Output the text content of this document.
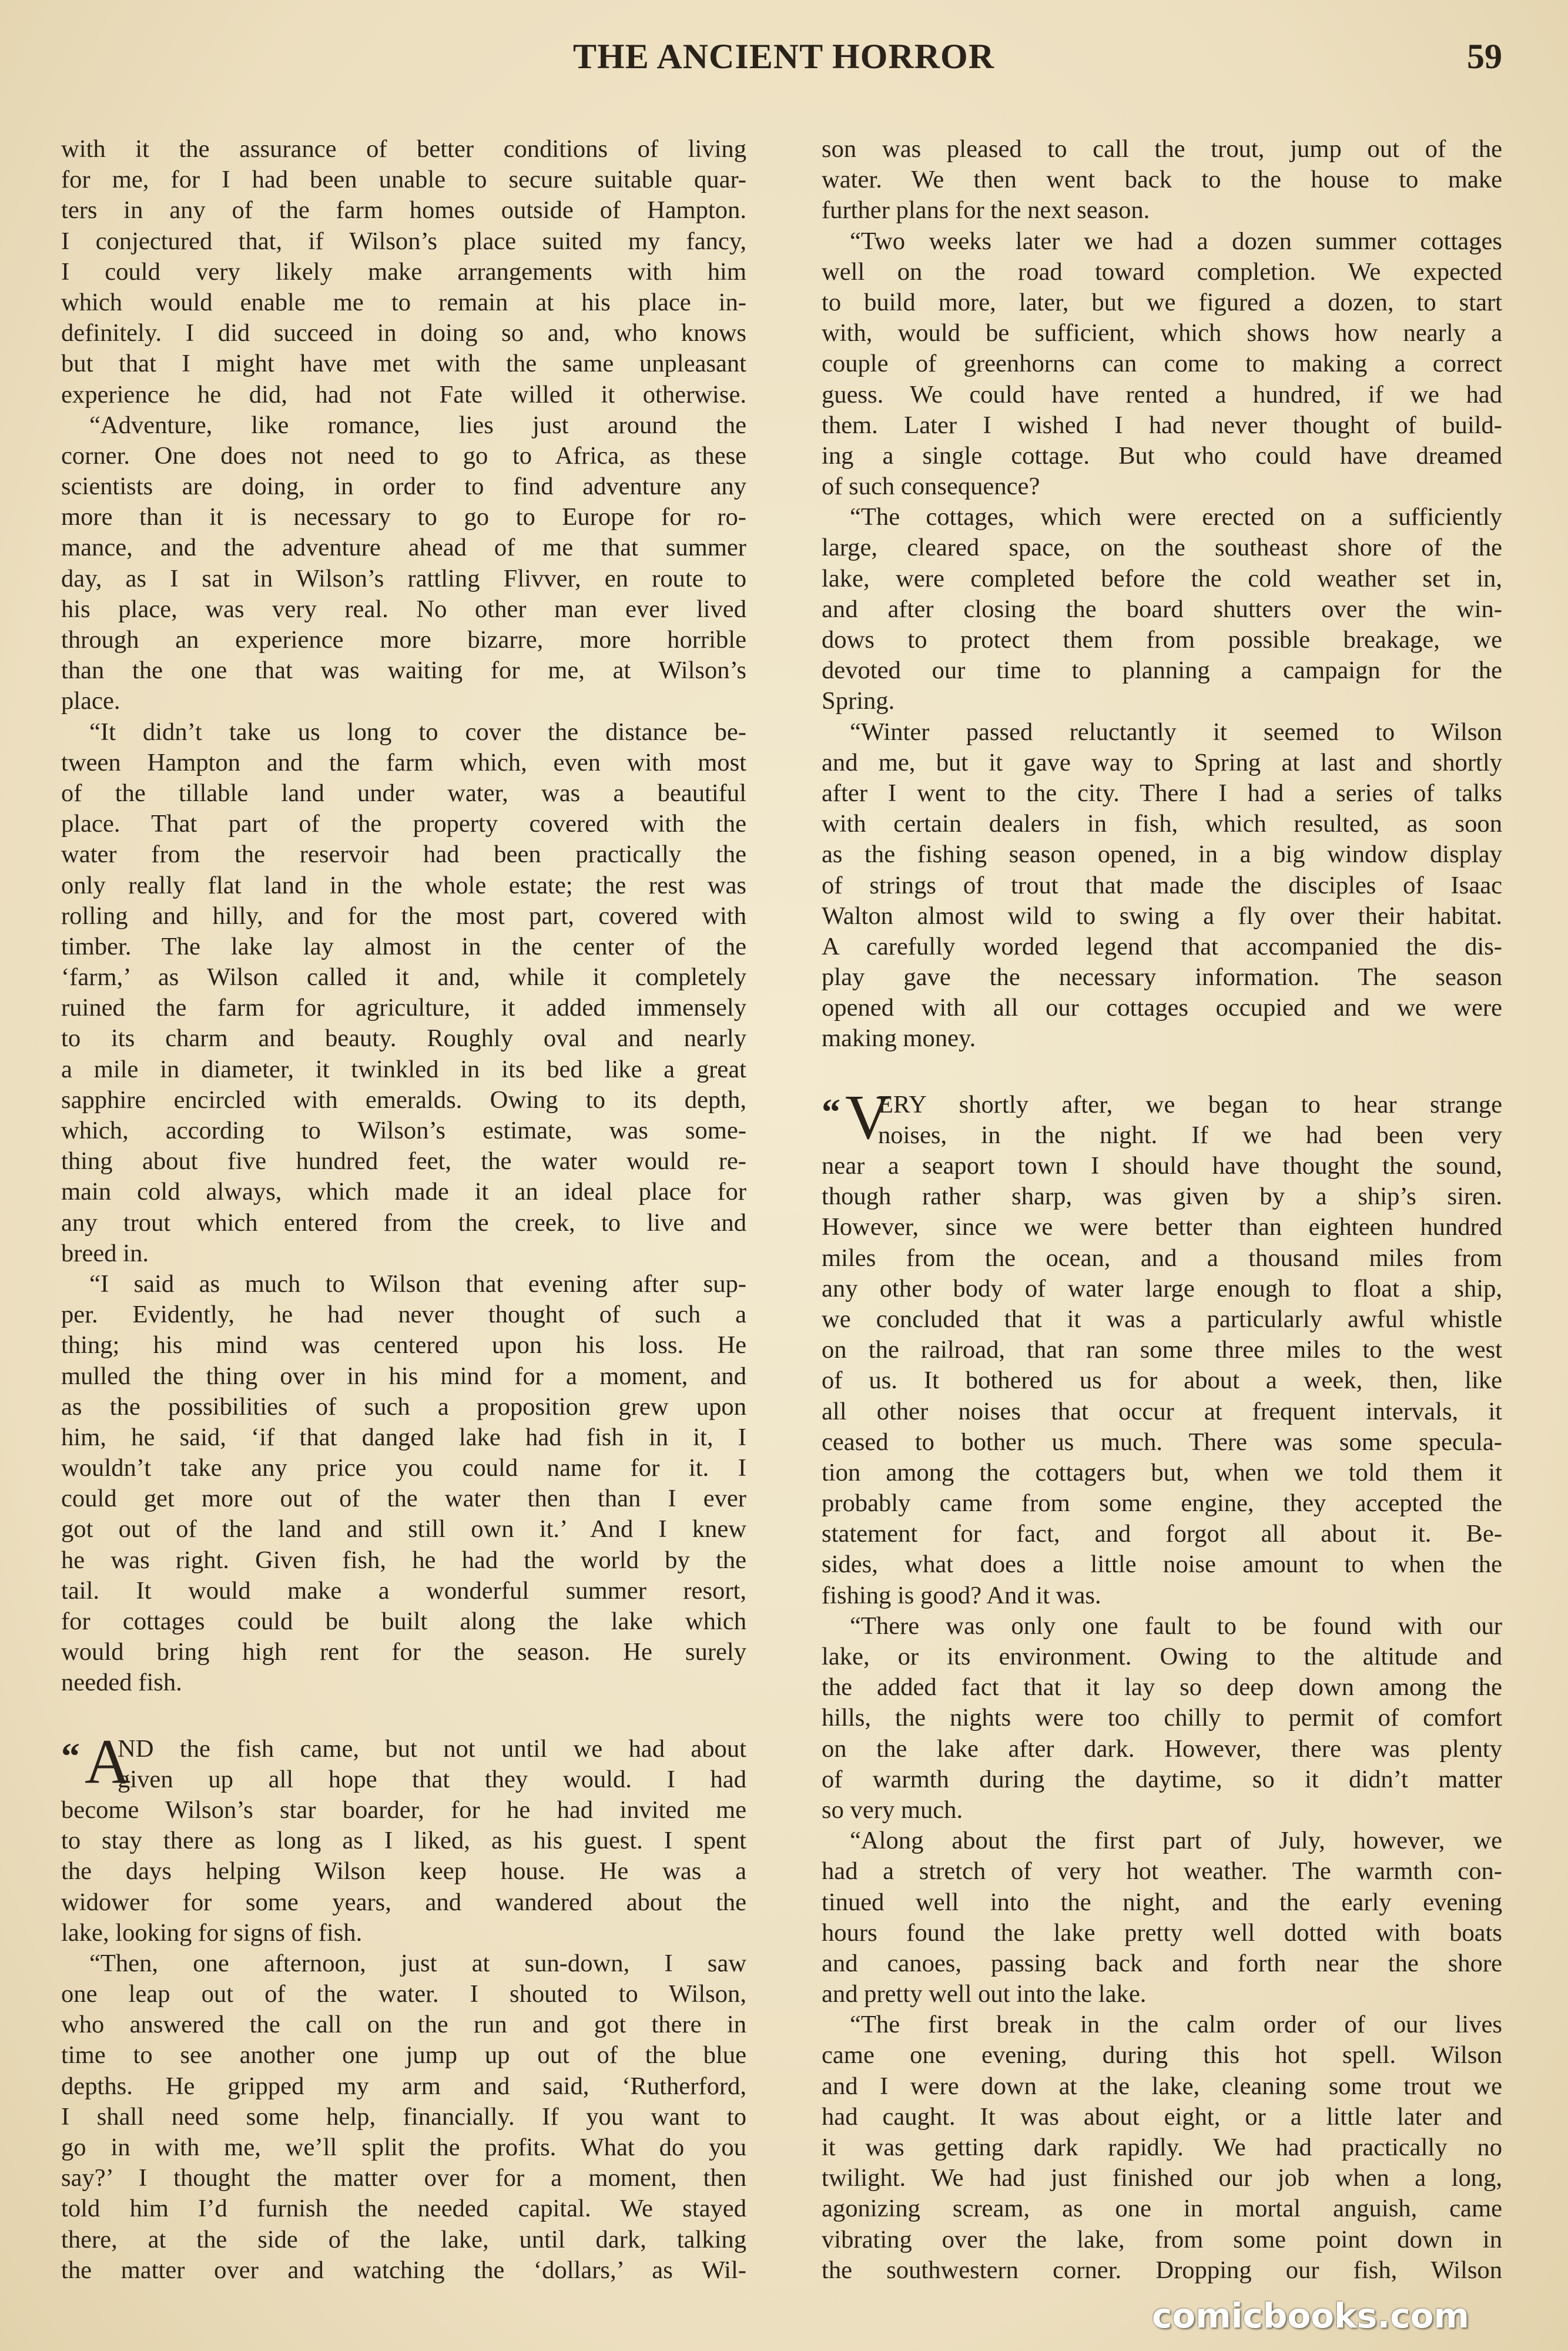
THE ANCIENT HORROR	59
with it the assurance of better conditions of living
for me, for I had been unable to secure suitable quar-
ters in any of the farm homes outside of Hampton.
I conjectured that, if Wilson’s place suited my fancy,
I could very likely make arrangements with him
which would enable me to remain at his place in-
definitely. I did succeed in doing so and, who knows
but that I might have met with the same unpleasant
experience he did, had not Fate willed it otherwise.
“Adventure, like romance, lies just around the
corner. One does not need to go to Africa, as these
scientists are doing, in order to find adventure any
more than it is necessary to go to Europe for ro-
mance, and the adventure ahead of me that summer
day, as I sat in Wilson’s rattling Flivver, en route to
his place, was very real. No other man ever lived
through an experience more bizarre, more horrible
than the one that was waiting for me, at Wilson’s
place.
“It didn’t take us long to cover the distance be-
tween Hampton and the farm which, even with most
of the tillable land under water, was a beautiful
place. That part of the property covered with the
water from the reservoir had been practically the
only really flat land in the whole estate; the rest was
rolling and hilly, and for the most part, covered with
timber. The lake lay almost in the center of the
‘farm,’ as Wilson called it and, while it completely
ruined the farm for agriculture, it added immensely
to its charm and beauty. Roughly oval and nearly
a mile in diameter, it twinkled in its bed like a great
sapphire encircled with emeralds. Owing to its depth,
which, according to Wilson’s estimate, was some-
thing about five hundred feet, the water would re-
main cold always, which made it an ideal place for
any trout which entered from the creek, to live and
breed in.
“I said as much to Wilson that evening after sup-
per. Evidently, he had never thought of such a
thing; his mind was centered upon his loss. He
mulled the thing over in his mind for a moment, and
as the possibilities of such a proposition grew upon
him, he said, ‘if that danged lake had fish in it, I
wouldn’t take any price you could name for it. I
could get more out of the water then than I ever
got out of the land and still own it.’ And I knew
he was right. Given fish, he had the world by the
tail. It would make a wonderful summer resort,
for cottages could be built along the lake which
would bring high rent for the season. He surely
needed fish.
“ A
ND the fish came, but not until we had about
given up all hope that they would. I had
become Wilson’s star boarder, for he had invited me
to stay there as long as I liked, as his guest. I spent
the days helping Wilson keep house. He was a
widower for some years, and wandered about the
lake, looking for signs of fish.
“Then, one afternoon, just at sun-down, I saw
one leap out of the water. I shouted to Wilson,
who answered the call on the run and got there in
time to see another one jump up out of the blue
depths. He gripped my arm and said, ‘Rutherford,
I shall need some help, financially. If you want to
go in with me, we’ll split the profits. What do you
say?’ I thought the matter over for a moment, then
told him I’d furnish the needed capital. We stayed
there, at the side of the lake, until dark, talking
the matter over and watching the ‘dollars,’ as Wil-
son was pleased to call the trout, jump out of the
water. We then went back to the house to make
further plans for the next season.
“Two weeks later we had a dozen summer cottages
well on the road toward completion. We expected
to build more, later, but we figured a dozen, to start
with, would be sufficient, which shows how nearly a
couple of greenhorns can come to making a correct
guess. We could have rented a hundred, if we had
them. Later I wished I had never thought of build-
ing a single cottage. But who could have dreamed
of such consequence?
“The cottages, which were erected on a sufficiently
large, cleared space, on the southeast shore of the
lake, were completed before the cold weather set in,
and after closing the board shutters over the win-
dows to protect them from possible breakage, we
devoted our time to planning a campaign for the
Spring.
“Winter passed reluctantly it seemed to Wilson
and me, but it gave way to Spring at last and shortly
after I went to the city. There I had a series of talks
with certain dealers in fish, which resulted, as soon
as the fishing season opened, in a big window display
of strings of trout that made the disciples of Isaac
Walton almost wild to swing a fly over their habitat.
A carefully worded legend that accompanied the dis-
play gave the necessary information. The season
opened with all our cottages occupied and we were
making money.
“ V
ERY shortly after, we began to hear strange
noises, in the night. If we had been very
near a seaport town I should have thought the sound,
though rather sharp, was given by a ship’s siren.
However, since we were better than eighteen hundred
miles from the ocean, and a thousand miles from
any other body of water large enough to float a ship,
we concluded that it was a particularly awful whistle
on the railroad, that ran some three miles to the west
of us. It bothered us for about a week, then, like
all other noises that occur at frequent intervals, it
ceased to bother us much. There was some specula-
tion among the cottagers but, when we told them it
probably came from some engine, they accepted the
statement for fact, and forgot all about it. Be-
sides, what does a little noise amount to when the
fishing is good? And it was.
“There was only one fault to be found with our
lake, or its environment. Owing to the altitude and
the added fact that it lay so deep down among the
hills, the nights were too chilly to permit of comfort
on the lake after dark. However, there was plenty
of warmth during the daytime, so it didn’t matter
so very much.
“Along about the first part of July, however, we
had a stretch of very hot weather. The warmth con-
tinued well into the night, and the early evening
hours found the lake pretty well dotted with boats
and canoes, passing back and forth near the shore
and pretty well out into the lake.
“The first break in the calm order of our lives
came one evening, during this hot spell. Wilson
and I were down at the lake, cleaning some trout we
had caught. It was about eight, or a little later and
it was getting dark rapidly. We had practically no
twilight. We had just finished our job when a long,
agonizing scream, as one in mortal anguish, came
vibrating over the lake, from some point down in
the southwestern corner. Dropping our fish, Wilson
comicbooks.com
